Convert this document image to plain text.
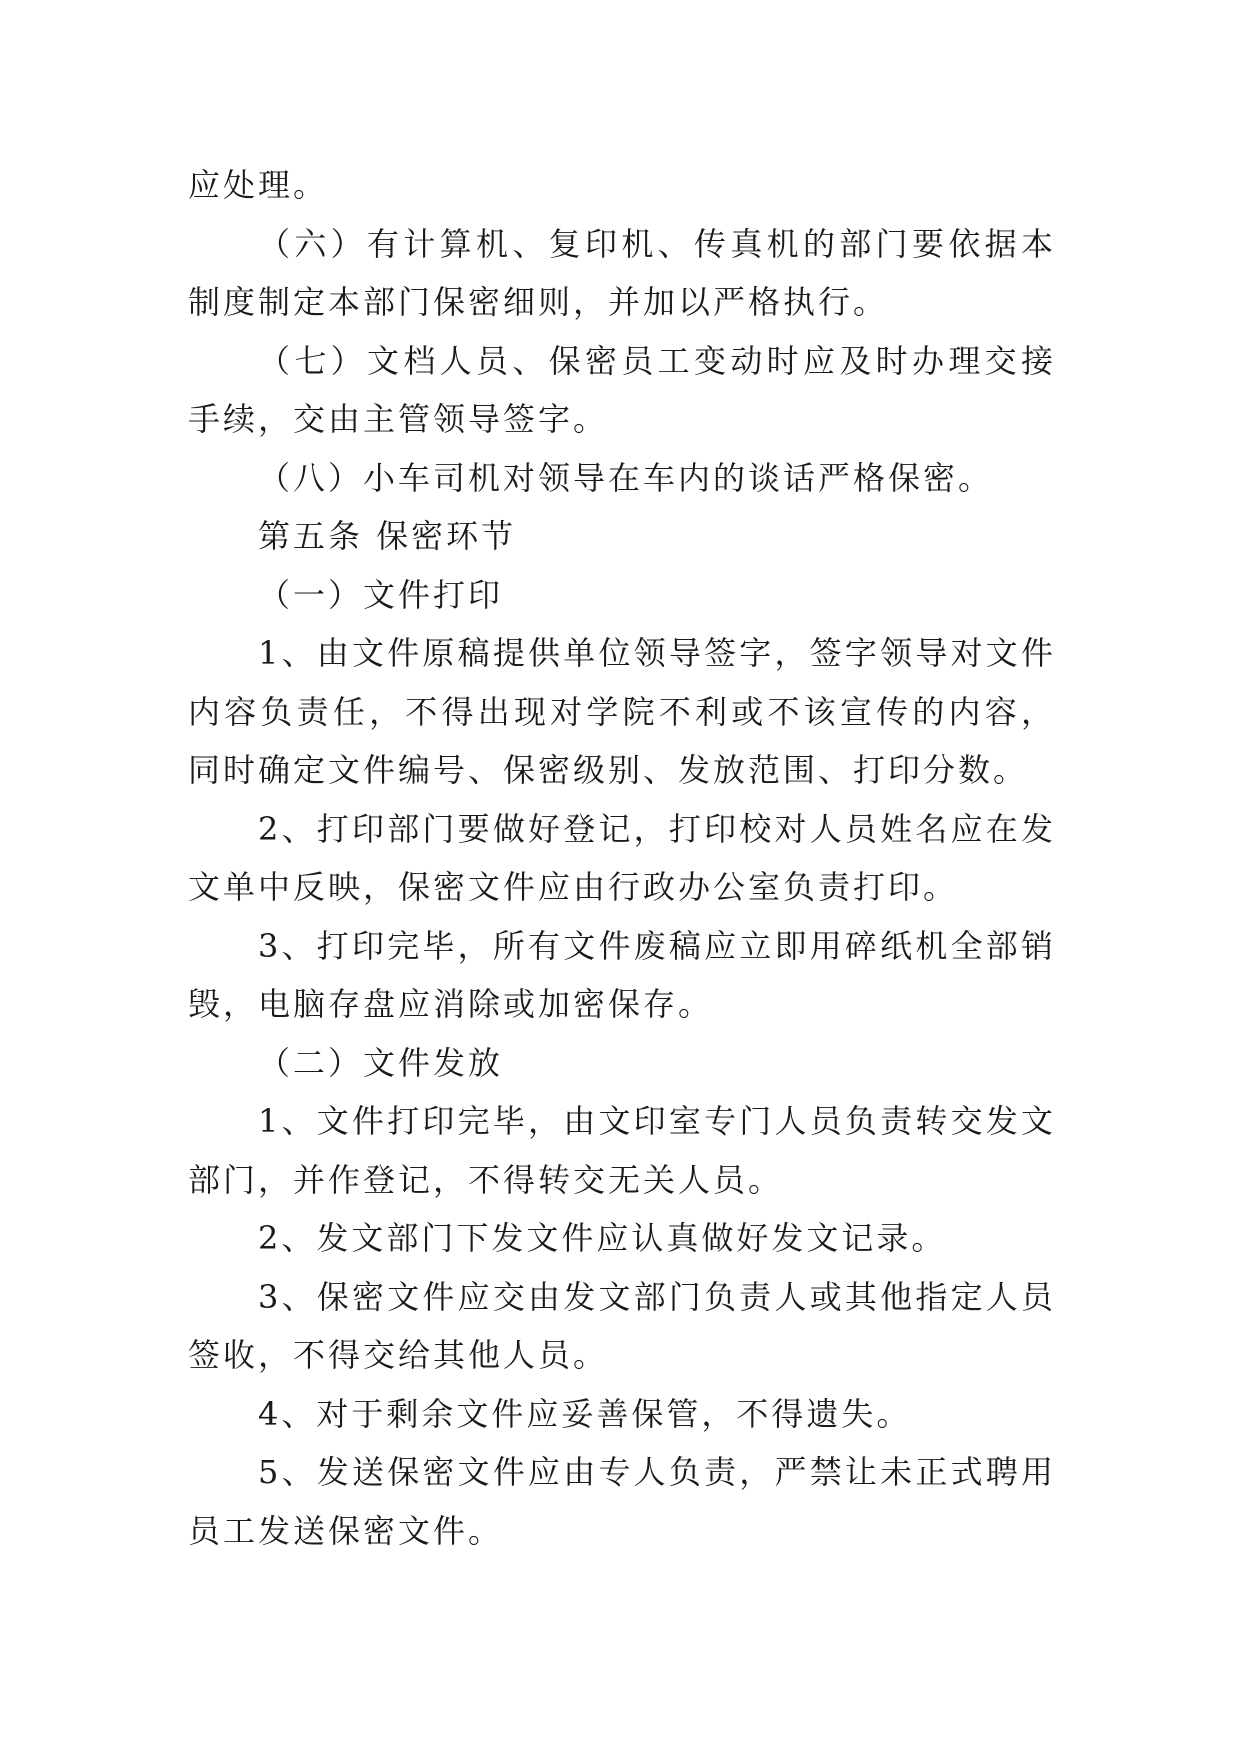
应处理。

（六）有计算机、复印机、传真机的部门要依据本制度制定本部门保密细则，并加以严格执行。

（七）文档人员、保密员工变动时应及时办理交接手续，交由主管领导签字。

（八）小车司机对领导在车内的谈话严格保密。

第五条 保密环节

（一）文件打印

1、由文件原稿提供单位领导签字，签字领导对文件内容负责任，不得出现对学院不利或不该宣传的内容，同时确定文件编号、保密级别、发放范围、打印分数。

2、打印部门要做好登记，打印校对人员姓名应在发文单中反映，保密文件应由行政办公室负责打印。

3、打印完毕，所有文件废稿应立即用碎纸机全部销毁，电脑存盘应消除或加密保存。

（二）文件发放

1、文件打印完毕，由文印室专门人员负责转交发文部门，并作登记，不得转交无关人员。

2、发文部门下发文件应认真做好发文记录。

3、保密文件应交由发文部门负责人或其他指定人员签收，不得交给其他人员。

4、对于剩余文件应妥善保管，不得遗失。

5、发送保密文件应由专人负责，严禁让未正式聘用员工发送保密文件。
